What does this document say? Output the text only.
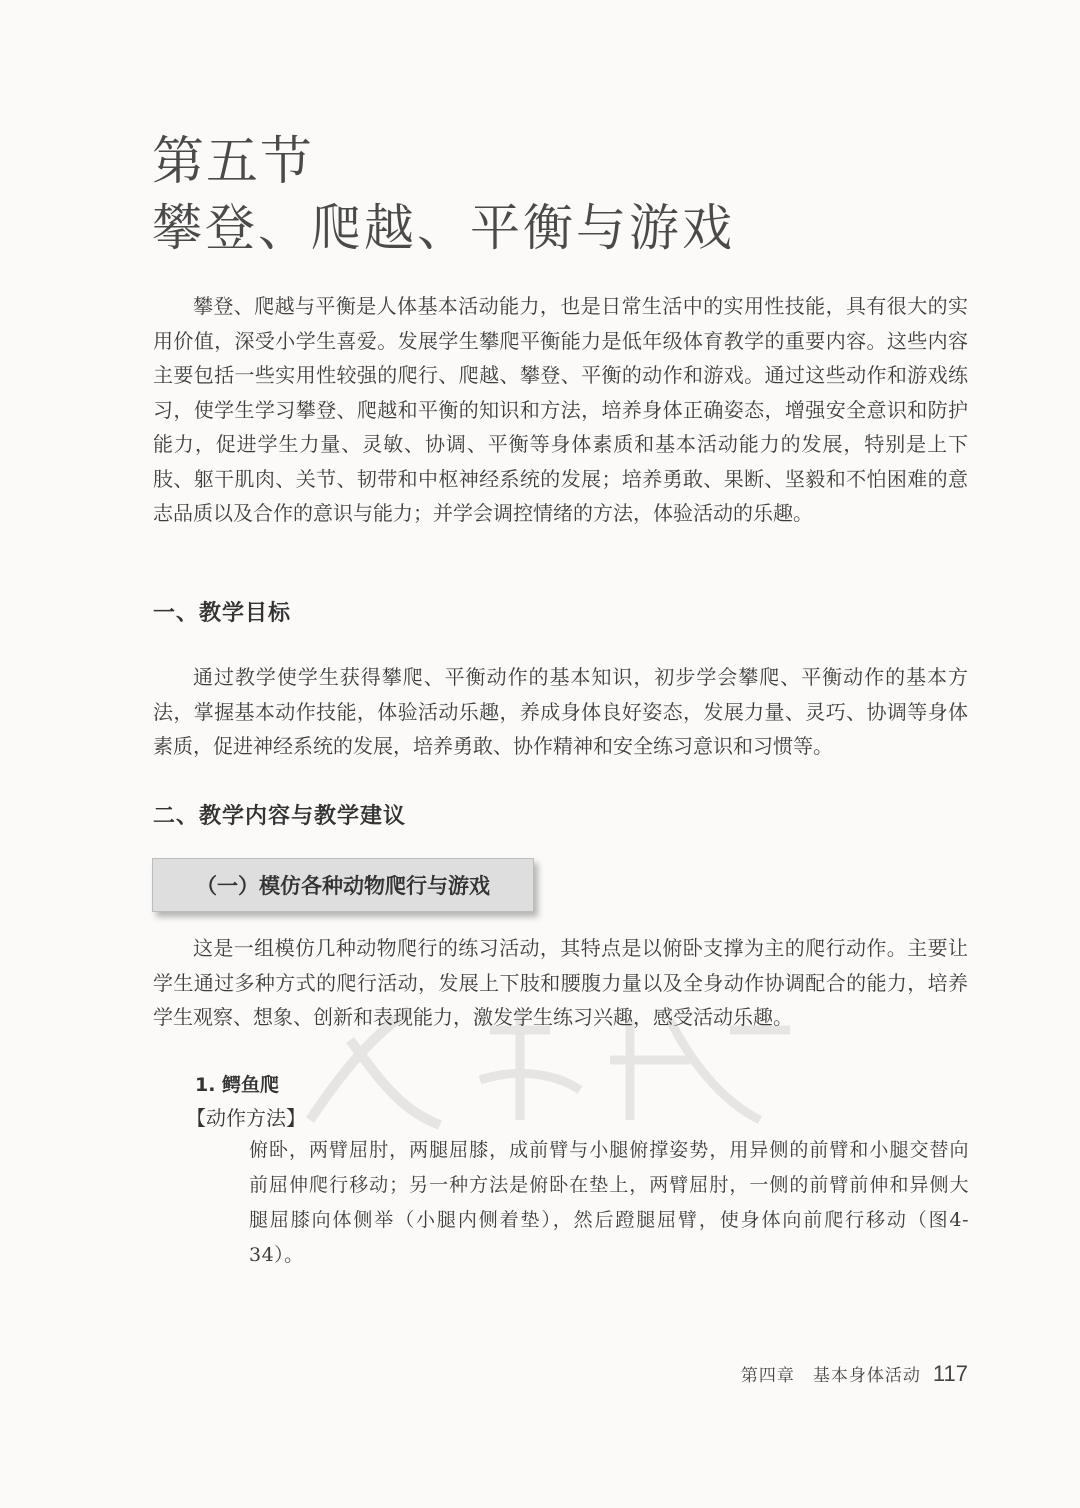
第五节
攀登、爬越、平衡与游戏

攀登、爬越与平衡是人体基本活动能力，也是日常生活中的实用性技能，具有很大的实用价值，深受小学生喜爱。发展学生攀爬平衡能力是低年级体育教学的重要内容。这些内容主要包括一些实用性较强的爬行、爬越、攀登、平衡的动作和游戏。通过这些动作和游戏练习，使学生学习攀登、爬越和平衡的知识和方法，培养身体正确姿态，增强安全意识和防护能力，促进学生力量、灵敏、协调、平衡等身体素质和基本活动能力的发展，特别是上下肢、躯干肌肉、关节、韧带和中枢神经系统的发展；培养勇敢、果断、坚毅和不怕困难的意志品质以及合作的意识与能力；并学会调控情绪的方法，体验活动的乐趣。

一、教学目标

通过教学使学生获得攀爬、平衡动作的基本知识，初步学会攀爬、平衡动作的基本方法，掌握基本动作技能，体验活动乐趣，养成身体良好姿态，发展力量、灵巧、协调等身体素质，促进神经系统的发展，培养勇敢、协作精神和安全练习意识和习惯等。

二、教学内容与教学建议
（一）模仿各种动物爬行与游戏

这是一组模仿几种动物爬行的练习活动，其特点是以俯卧支撑为主的爬行动作。主要让学生通过多种方式的爬行活动，发展上下肢和腰腹力量以及全身动作协调配合的能力，培养学生观察、想象、创新和表现能力，激发学生练习兴趣，感受活动乐趣。

1. 鳄鱼爬
【动作方法】

俯卧，两臂屈肘，两腿屈膝，成前臂与小腿俯撑姿势，用异侧的前臂和小腿交替向前屈伸爬行移动；另一种方法是俯卧在垫上，两臂屈肘，一侧的前臂前伸和异侧大腿屈膝向体侧举（小腿内侧着垫），然后蹬腿屈臂，使身体向前爬行移动（图4-34）。

第四章　基本身体活动 117
